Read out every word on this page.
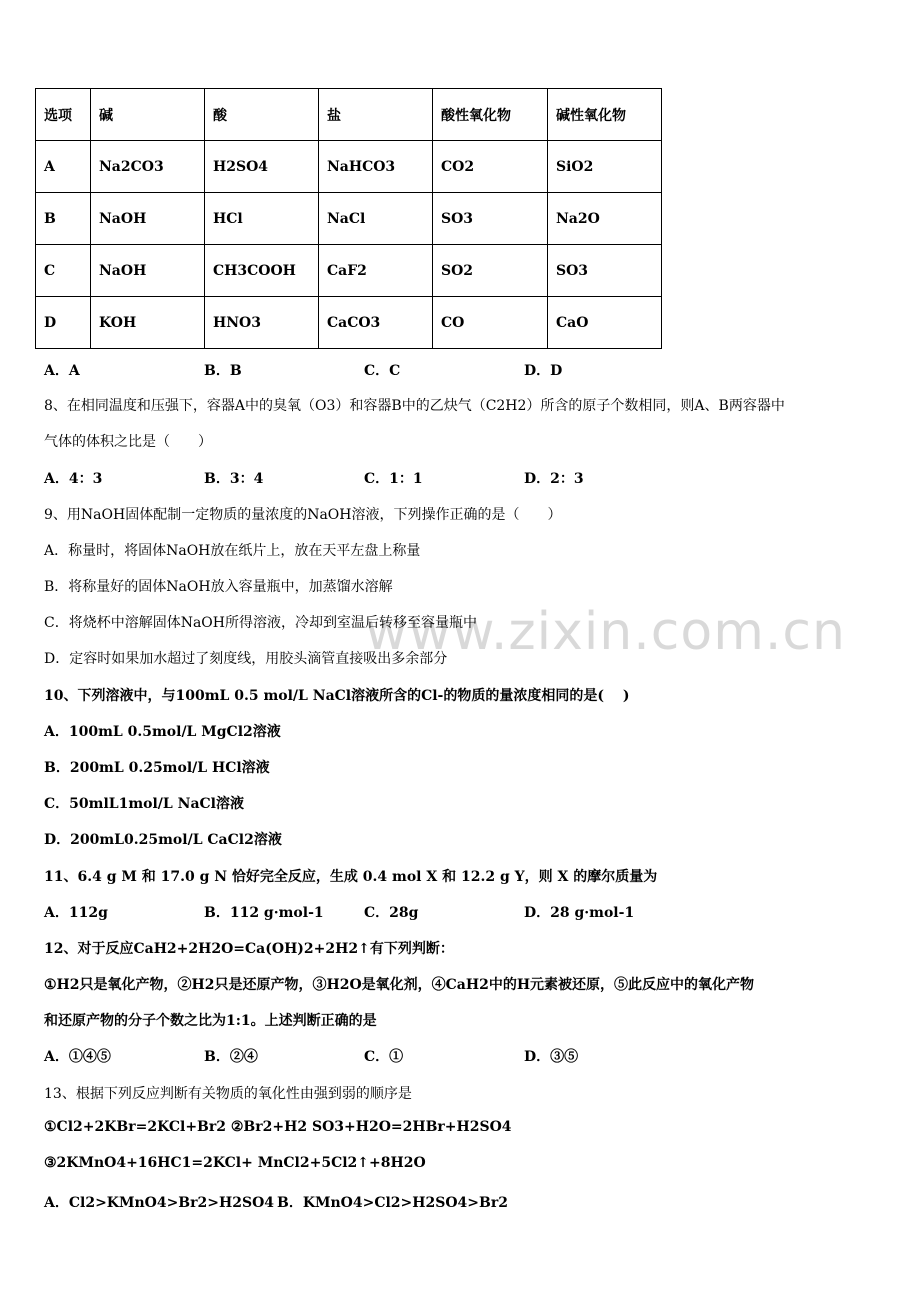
www.zixin.com.cn
选项	碱	酸	盐	酸性氧化物	碱性氧化物
A	Na2CO3	H2SO4	NaHCO3	CO2	SiO2
B	NaOH	HCl	NaCl	SO3	Na2O
C	NaOH	CH3COOH	CaF2	SO2	SO3
D	KOH	HNO3	CaCO3	CO	CaO
A．A	B．B	C．C	D．D
8、在相同温度和压强下，容器A中的臭氧（O3）和容器B中的乙炔气（C2H2）所含的原子个数相同，则A、B两容器中
气体的体积之比是（　　）
A．4：3	B．3：4	C．1：1	D．2：3
9、用NaOH固体配制一定物质的量浓度的NaOH溶液，下列操作正确的是（　　）
A．称量时，将固体NaOH放在纸片上，放在天平左盘上称量
B．将称量好的固体NaOH放入容量瓶中，加蒸馏水溶解
C．将烧杯中溶解固体NaOH所得溶液，冷却到室温后转移至容量瓶中
D．定容时如果加水超过了刻度线，用胶头滴管直接吸出多余部分
10、下列溶液中，与100mL 0.5 mol/L NaCl溶液所含的Cl-的物质的量浓度相同的是(　 )
A．100mL 0.5mol/L MgCl2溶液
B．200mL 0.25mol/L HCl溶液
C．50mlL1mol/L NaCl溶液
D．200mL0.25mol/L CaCl2溶液
11、6.4 g M 和 17.0 g N 恰好完全反应，生成 0.4 mol X 和 12.2 g Y，则 X 的摩尔质量为
A．112g	B．112 g·mol-1	C．28g	D．28 g·mol-1
12、对于反应CaH2+2H2O=Ca(OH)2+2H2↑有下列判断：
①H2只是氧化产物，②H2只是还原产物，③H2O是氧化剂，④CaH2中的H元素被还原，⑤此反应中的氧化产物
和还原产物的分子个数之比为1:1。上述判断正确的是
A．①④⑤	B．②④	C．①	D．③⑤
13、根据下列反应判断有关物质的氧化性由强到弱的顺序是
①Cl2+2KBr=2KCl+Br2 ②Br2+H2 SO3+H2O=2HBr+H2SO4
③2KMnO4+16HC1=2KCl+ MnCl2+5Cl2↑+8H2O
A．Cl2>KMnO4>Br2>H2SO4 B．KMnO4>Cl2>H2SO4>Br2
